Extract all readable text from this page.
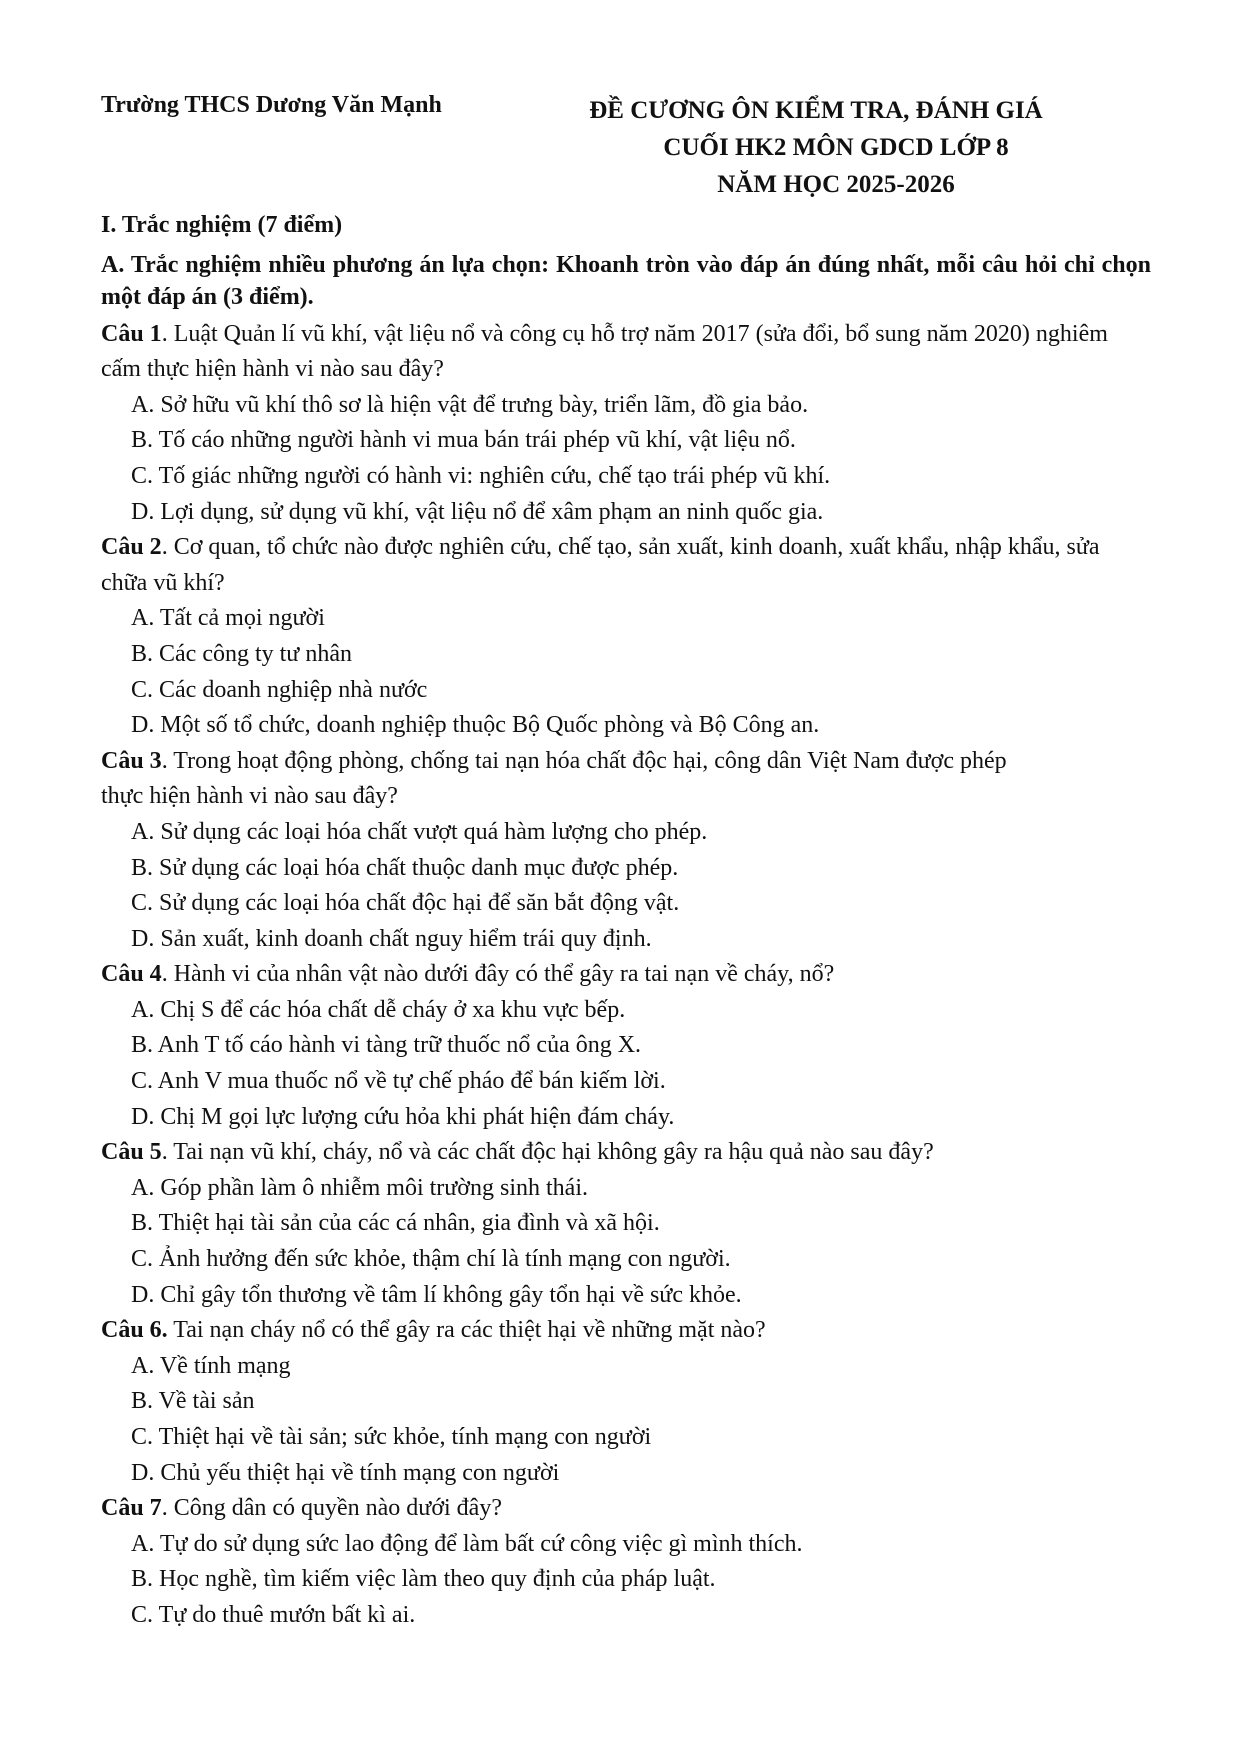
Trường THCS Dương Văn Mạnh	ĐỀ CƯƠNG ÔN KIỂM TRA, ĐÁNH GIÁ
CUỐI HK2 MÔN GDCD LỚP 8
NĂM HỌC 2025-2026
I. Trắc nghiệm (7 điểm)
A. Trắc nghiệm nhiều phương án lựa chọn: Khoanh tròn vào đáp án đúng nhất, mỗi câu hỏi chỉ chọn một đáp án (3 điểm).
Câu 1. Luật Quản lí vũ khí, vật liệu nổ và công cụ hỗ trợ năm 2017 (sửa đổi, bổ sung năm 2020) nghiêm cấm thực hiện hành vi nào sau đây?
A. Sở hữu vũ khí thô sơ là hiện vật để trưng bày, triển lãm, đồ gia bảo.
B. Tố cáo những người hành vi mua bán trái phép vũ khí, vật liệu nổ.
C. Tố giác những người có hành vi: nghiên cứu, chế tạo trái phép vũ khí.
D. Lợi dụng, sử dụng vũ khí, vật liệu nổ để xâm phạm an ninh quốc gia.
Câu 2. Cơ quan, tổ chức nào được nghiên cứu, chế tạo, sản xuất, kinh doanh, xuất khẩu, nhập khẩu, sửa chữa vũ khí?
A. Tất cả mọi người
B. Các công ty tư nhân
C. Các doanh nghiệp nhà nước
D. Một số tổ chức, doanh nghiệp thuộc Bộ Quốc phòng và Bộ Công an.
Câu 3. Trong hoạt động phòng, chống tai nạn hóa chất độc hại, công dân Việt Nam được phép thực hiện hành vi nào sau đây?
A. Sử dụng các loại hóa chất vượt quá hàm lượng cho phép.
B. Sử dụng các loại hóa chất thuộc danh mục được phép.
C. Sử dụng các loại hóa chất độc hại để săn bắt động vật.
D. Sản xuất, kinh doanh chất nguy hiểm trái quy định.
Câu 4. Hành vi của nhân vật nào dưới đây có thể gây ra tai nạn về cháy, nổ?
A. Chị S để các hóa chất dễ cháy ở xa khu vực bếp.
B. Anh T tố cáo hành vi tàng trữ thuốc nổ của ông X.
C. Anh V mua thuốc nổ về tự chế pháo để bán kiếm lời.
D. Chị M gọi lực lượng cứu hỏa khi phát hiện đám cháy.
Câu 5. Tai nạn vũ khí, cháy, nổ và các chất độc hại không gây ra hậu quả nào sau đây?
A. Góp phần làm ô nhiễm môi trường sinh thái.
B. Thiệt hại tài sản của các cá nhân, gia đình và xã hội.
C. Ảnh hưởng đến sức khỏe, thậm chí là tính mạng con người.
D. Chỉ gây tổn thương về tâm lí không gây tổn hại về sức khỏe.
Câu 6. Tai nạn cháy nổ có thể gây ra các thiệt hại về những mặt nào?
A. Về tính mạng
B. Về tài sản
C. Thiệt hại về tài sản; sức khỏe, tính mạng con người
D. Chủ yếu thiệt hại về tính mạng con người
Câu 7. Công dân có quyền nào dưới đây?
A. Tự do sử dụng sức lao động để làm bất cứ công việc gì mình thích.
B. Học nghề, tìm kiếm việc làm theo quy định của pháp luật.
C. Tự do thuê mướn bất kì ai.
